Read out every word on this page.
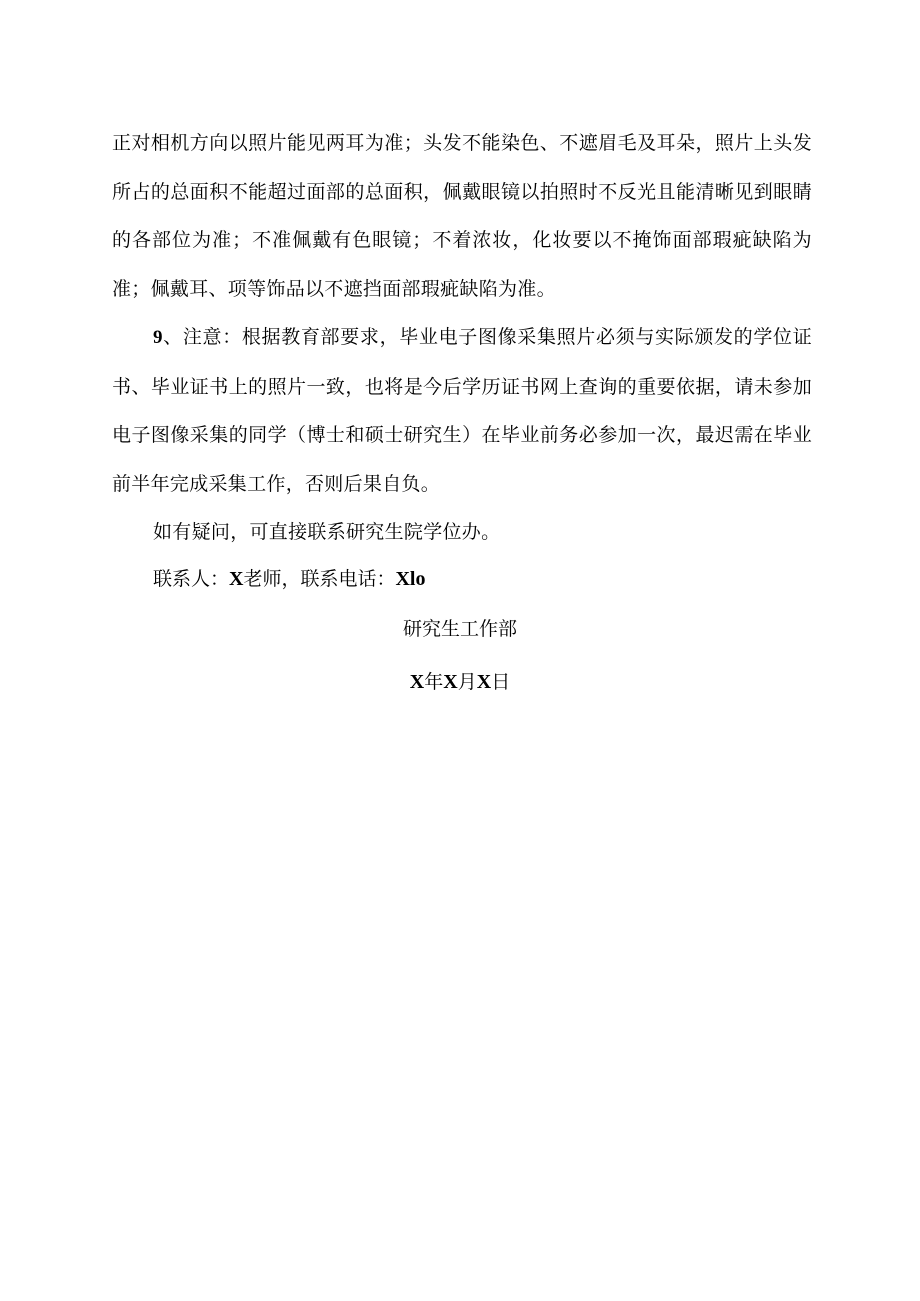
正对相机方向以照片能见两耳为准；头发不能染色、不遮眉毛及耳朵，照片上头发所占的总面积不能超过面部的总面积，佩戴眼镜以拍照时不反光且能清晰见到眼睛的各部位为准；不准佩戴有色眼镜；不着浓妆，化妆要以不掩饰面部瑕疵缺陷为准；佩戴耳、项等饰品以不遮挡面部瑕疵缺陷为准。

9、注意：根据教育部要求，毕业电子图像采集照片必须与实际颁发的学位证书、毕业证书上的照片一致，也将是今后学历证书网上查询的重要依据，请未参加电子图像采集的同学（博士和硕士研究生）在毕业前务必参加一次，最迟需在毕业前半年完成采集工作，否则后果自负。

如有疑问，可直接联系研究生院学位办。

联系人：X老师，联系电话：Xlo
研究生工作部
X年X月X日
